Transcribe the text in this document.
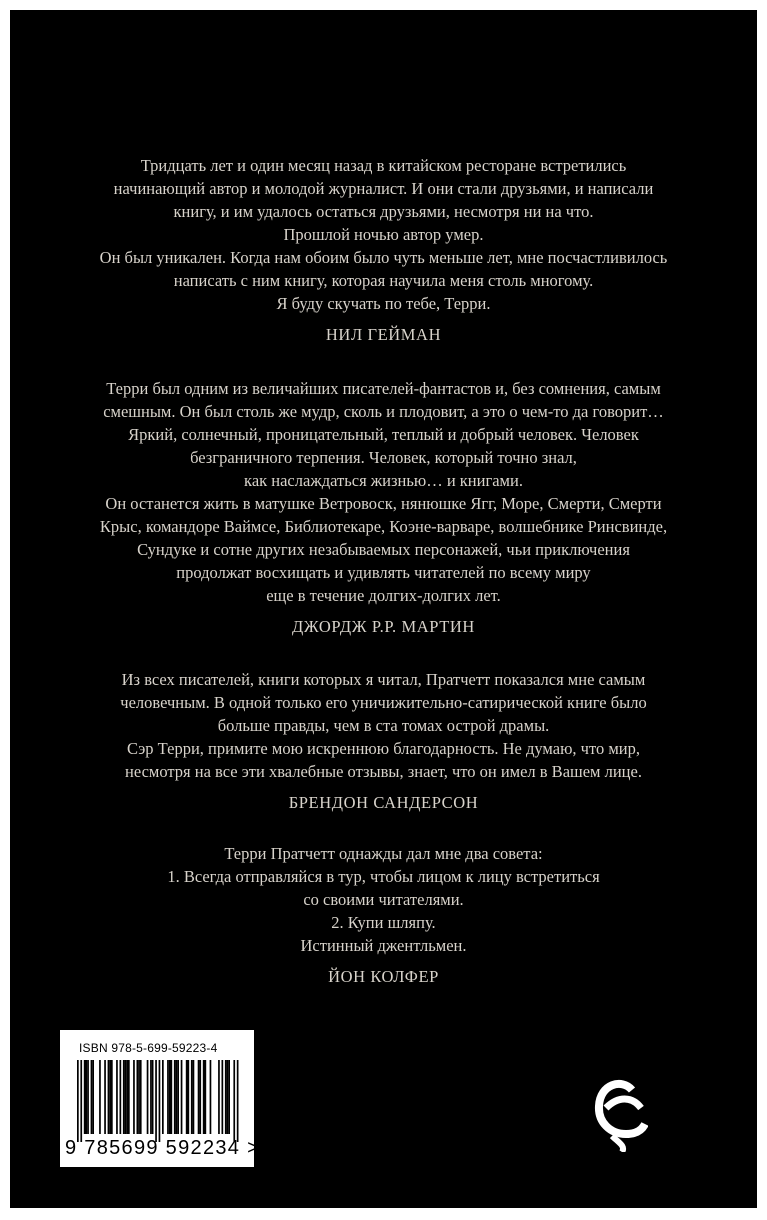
Тридцать лет и один месяц назад в китайском ресторане встретились

начинающий автор и молодой журналист. И они стали друзьями, и написали

книгу, и им удалось остаться друзьями, несмотря ни на что.

Прошлой ночью автор умер.

Он был уникален. Когда нам обоим было чуть меньше лет, мне посчастливилось

написать с ним книгу, которая научила меня столь многому.

Я буду скучать по тебе, Терри.

НИЛ ГЕЙМАН

Терри был одним из величайших писателей-фантастов и, без сомнения, самым

смешным. Он был столь же мудр, сколь и плодовит, а это о чем-то да говорит…

Яркий, солнечный, проницательный, теплый и добрый человек. Человек

безграничного терпения. Человек, который точно знал,

как наслаждаться жизнью… и книгами.

Он останется жить в матушке Ветровоск, нянюшке Ягг, Море, Смерти, Смерти

Крыс, командоре Ваймсе, Библиотекаре, Коэне-варваре, волшебнике Ринсвинде,

Сундуке и сотне других незабываемых персонажей, чьи приключения

продолжат восхищать и удивлять читателей по всему миру

еще в течение долгих-долгих лет.

ДЖОРДЖ Р.Р. МАРТИН

Из всех писателей, книги которых я читал, Пратчетт показался мне самым

человечным. В одной только его уничижительно-сатирической книге было

больше правды, чем в ста томах острой драмы.

Сэр Терри, примите мою искреннюю благодарность. Не думаю, что мир,

несмотря на все эти хвалебные отзывы, знает, что он имел в Вашем лице.

БРЕНДОН САНДЕРСОН

Терри Пратчетт однажды дал мне два совета:

1. Всегда отправляйся в тур, чтобы лицом к лицу встретиться

со своими читателями.

2. Купи шляпу.

Истинный джентльмен.

ЙОН КОЛФЕР
ISBN 978-5-699-59223-4
9 785699 592234 >
